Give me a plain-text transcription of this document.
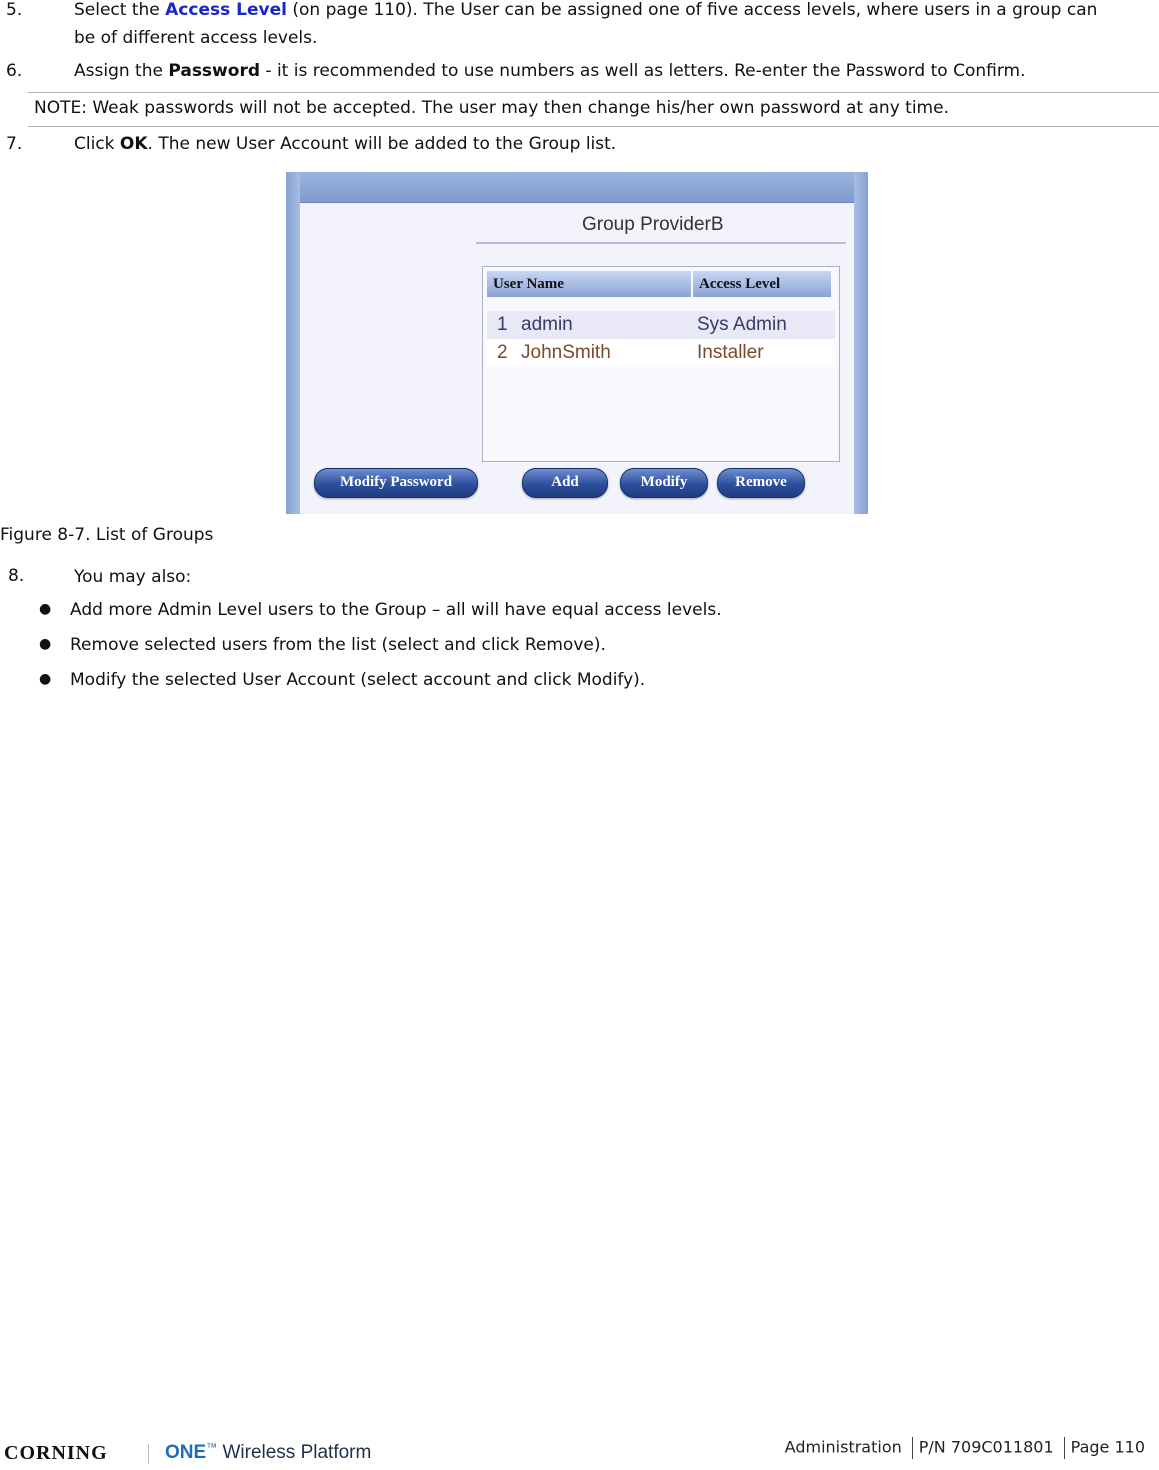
5.	Select the Access Level (on page 110). The User can be assigned one of five access levels, where users in a group can
be of different access levels.
6.	Assign the Password - it is recommended to use numbers as well as letters. Re-enter the Password to Confirm.
NOTE: Weak passwords will not be accepted. The user may then change his/her own password at any time.
7.	Click OK. The new User Account will be added to the Group list.
Group ProviderB
User Name	Access Level
1 admin	Sys Admin
2 JohnSmith	Installer
Modify Password	Add	Modify	Remove
Figure 8-7. List of Groups
8.	You may also:
● Add more Admin Level users to the Group – all will have equal access levels.
● Remove selected users from the list (select and click Remove).
● Modify the selected User Account (select account and click Modify).
CORNING	ONE™ Wireless Platform	Administration P/N 709C011801 Page 110
